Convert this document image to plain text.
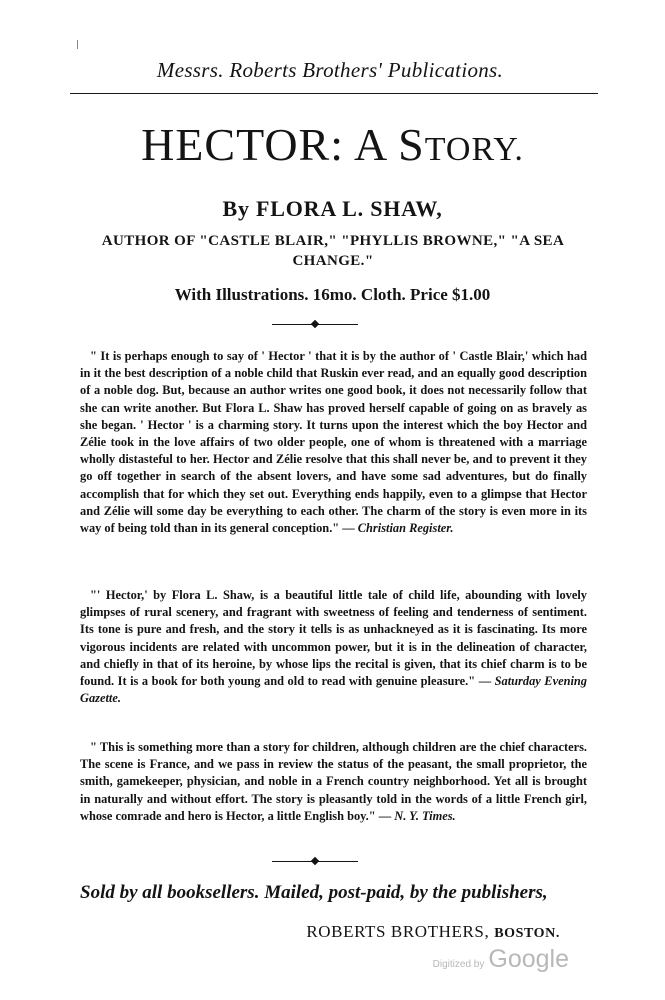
Messrs. Roberts Brothers' Publications.
HECTOR: A STORY.
By FLORA L. SHAW,
AUTHOR OF "CASTLE BLAIR," "PHYLLIS BROWNE," "A SEA
CHANGE."
With Illustrations. 16mo. Cloth. Price $1.00
" It is perhaps enough to say of ' Hector ' that it is by the author of ' Castle Blair,' which had in it the best description of a noble child that Ruskin ever read, and an equally good description of a noble dog. But, because an author writes one good book, it does not necessarily follow that she can write another. But Flora L. Shaw has proved herself capable of going on as bravely as she began. ' Hector ' is a charming story. It turns upon the interest which the boy Hector and Zélie took in the love affairs of two older people, one of whom is threatened with a marriage wholly distasteful to her. Hector and Zélie resolve that this shall never be, and to prevent it they go off together in search of the absent lovers, and have some sad adventures, but do finally accomplish that for which they set out. Everything ends happily, even to a glimpse that Hector and Zélie will some day be everything to each other. The charm of the story is even more in its way of being told than in its general conception." — Christian Register.
"' Hector,' by Flora L. Shaw, is a beautiful little tale of child life, abounding with lovely glimpses of rural scenery, and fragrant with sweetness of feeling and tenderness of sentiment. Its tone is pure and fresh, and the story it tells is as unhackneyed as it is fascinating. Its more vigorous incidents are related with uncommon power, but it is in the delineation of character, and chiefly in that of its heroine, by whose lips the recital is given, that its chief charm is to be found. It is a book for both young and old to read with genuine pleasure." — Saturday Evening Gazette.
" This is something more than a story for children, although children are the chief characters. The scene is France, and we pass in review the status of the peasant, the small proprietor, the smith, gamekeeper, physician, and noble in a French country neighborhood. Yet all is brought in naturally and without effort. The story is pleasantly told in the words of a little French girl, whose comrade and hero is Hector, a little English boy." — N. Y. Times.
Sold by all booksellers. Mailed, post-paid, by the publishers,
ROBERTS BROTHERS, BOSTON.
Digitized by Google
